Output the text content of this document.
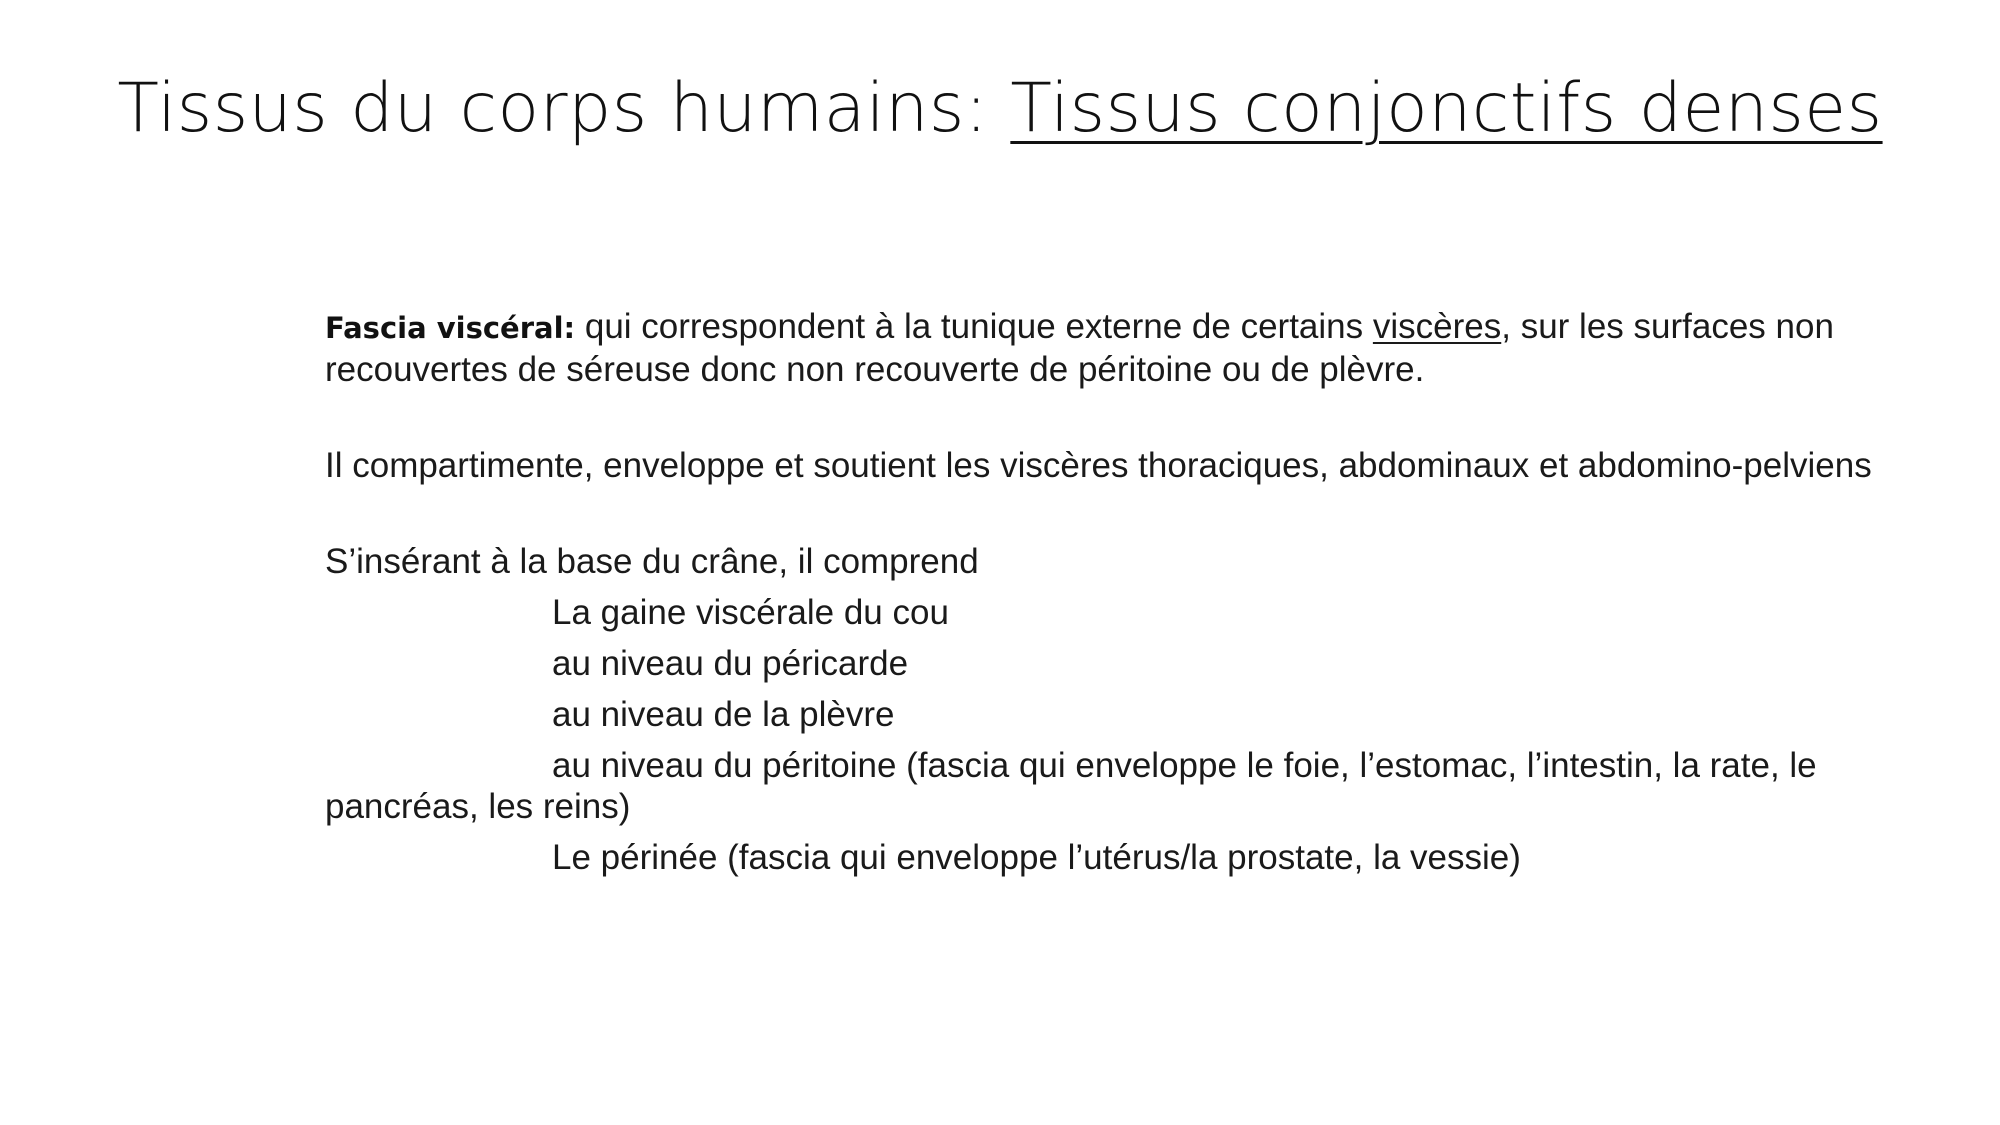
Tissus du corps humains: Tissus conjonctifs denses

Fascia viscéral: qui correspondent à la tunique externe de certains viscères, sur les surfaces non recouvertes de séreuse donc non recouverte de péritoine ou de plèvre.

Il compartimente, enveloppe et soutient les viscères thoraciques, abdominaux et abdomino-pelviens

S’insérant à la base du crâne, il comprend
La gaine viscérale du cou
au niveau du péricarde
au niveau de la plèvre
au niveau du péritoine (fascia qui enveloppe le foie, l’estomac, l’intestin, la rate, le pancréas, les reins)
Le périnée (fascia qui enveloppe l’utérus/la prostate, la vessie)
